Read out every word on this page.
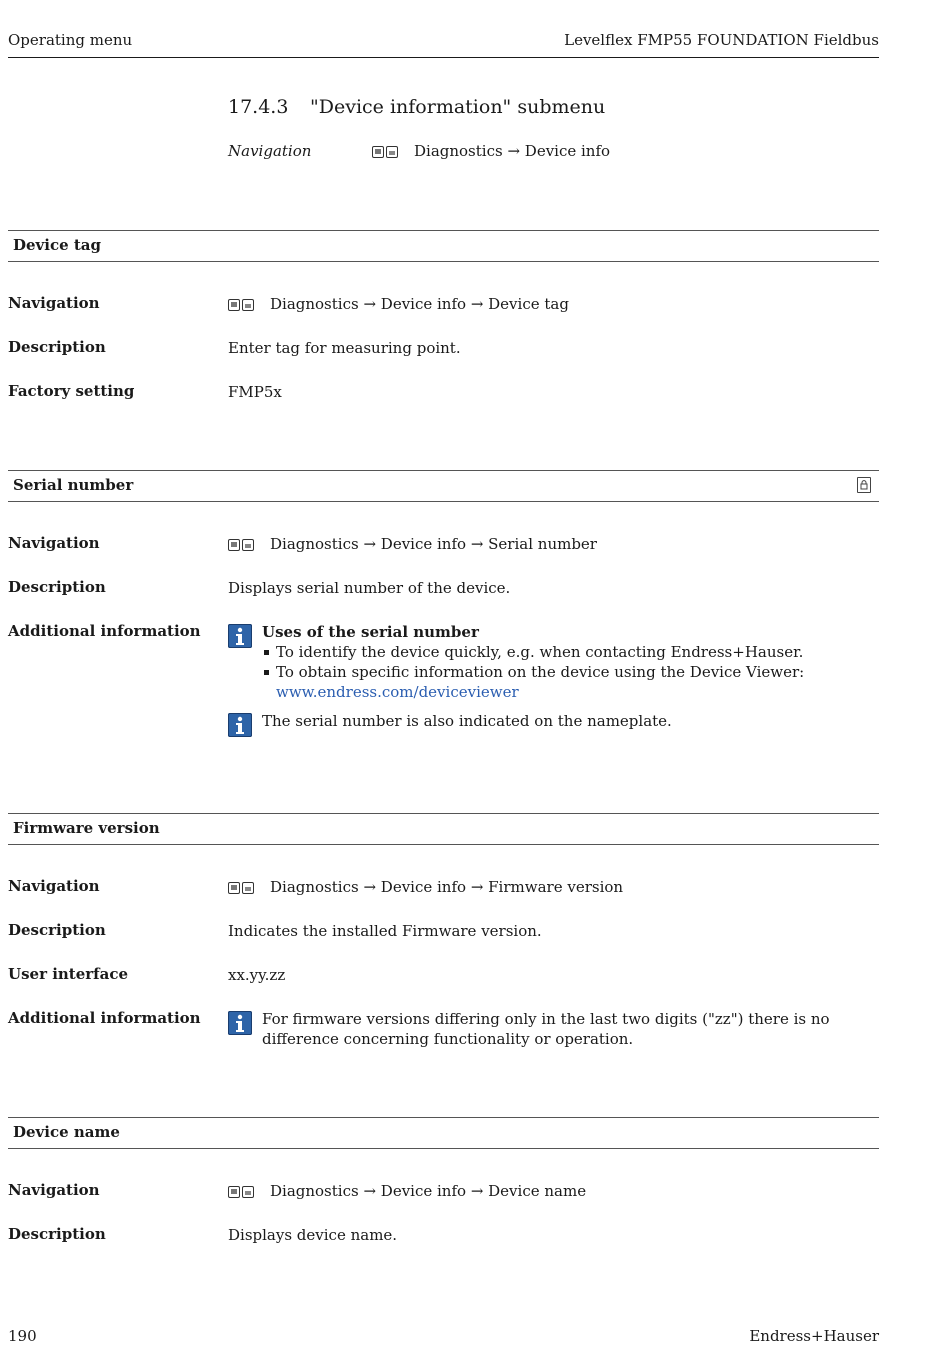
Operating menu	Levelflex FMP55 FOUNDATION Fieldbus
17.4.3 "Device information" submenu
Navigation	Diagnostics → Device info
Device tag
Navigation	Diagnostics → Device info → Device tag
Description	Enter tag for measuring point.
Factory setting	FMP5x
Serial number
Navigation	Diagnostics → Device info → Serial number
Description	Displays serial number of the device.
Additional information	Uses of the serial number
To identify the device quickly, e.g. when contacting Endress+Hauser.
To obtain specific information on the device using the Device Viewer:
www.endress.com/deviceviewer
The serial number is also indicated on the nameplate.
Firmware version
Navigation	Diagnostics → Device info → Firmware version
Description	Indicates the installed Firmware version.
User interface	xx.yy.zz
Additional information	For firmware versions differing only in the last two digits ("zz") there is no difference concerning functionality or operation.
Device name
Navigation	Diagnostics → Device info → Device name
Description	Displays device name.
190	Endress+Hauser
